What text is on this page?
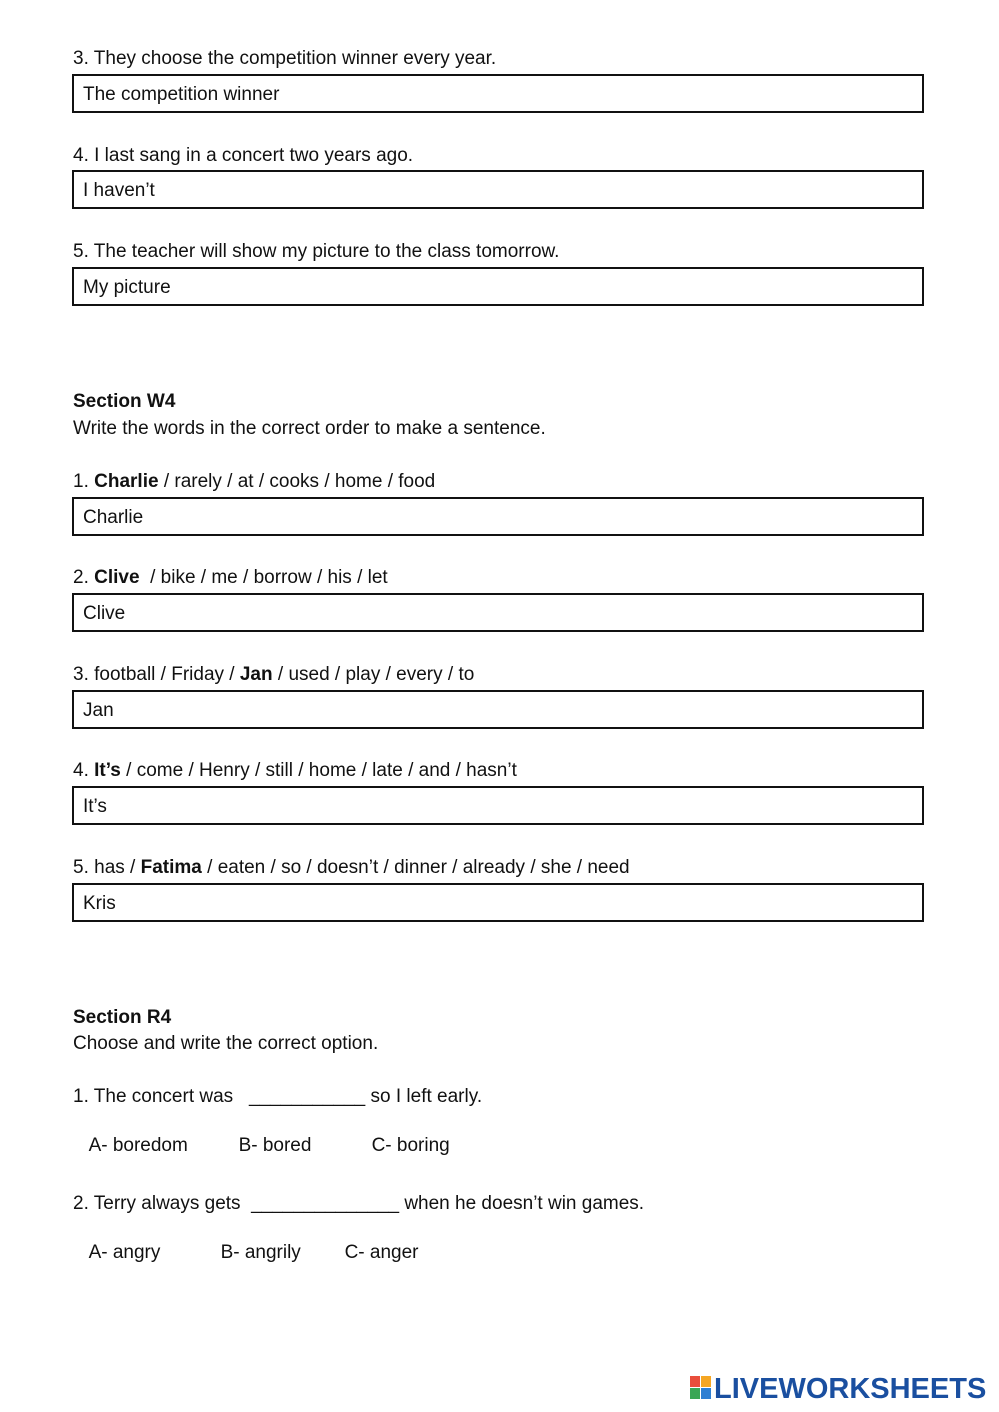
3. They choose the competition winner every year.
The competition winner
4. I last sang in a concert two years ago.
I haven’t
5. The teacher will show my picture to the class tomorrow.
My picture
Section W4
Write the words in the correct order to make a sentence.
1. Charlie / rarely / at / cooks / home / food
Charlie
2. Clive  / bike / me / borrow / his / let
Clive
3. football / Friday / Jan / used / play / every / to
Jan
4. It’s / come / Henry / still / home / late / and / hasn’t
It’s
5. has / Fatima / eaten / so / doesn’t / dinner / already / she / need
Kris
Section R4
Choose and write the correct option.
1. The concert was   ___________ so I left early.

A- boredom	B- bored	C- boring

2. Terry always gets  ______________ when he doesn’t win games.

A- angry	B- angrily C- anger

LIVEWORKSHEETS
